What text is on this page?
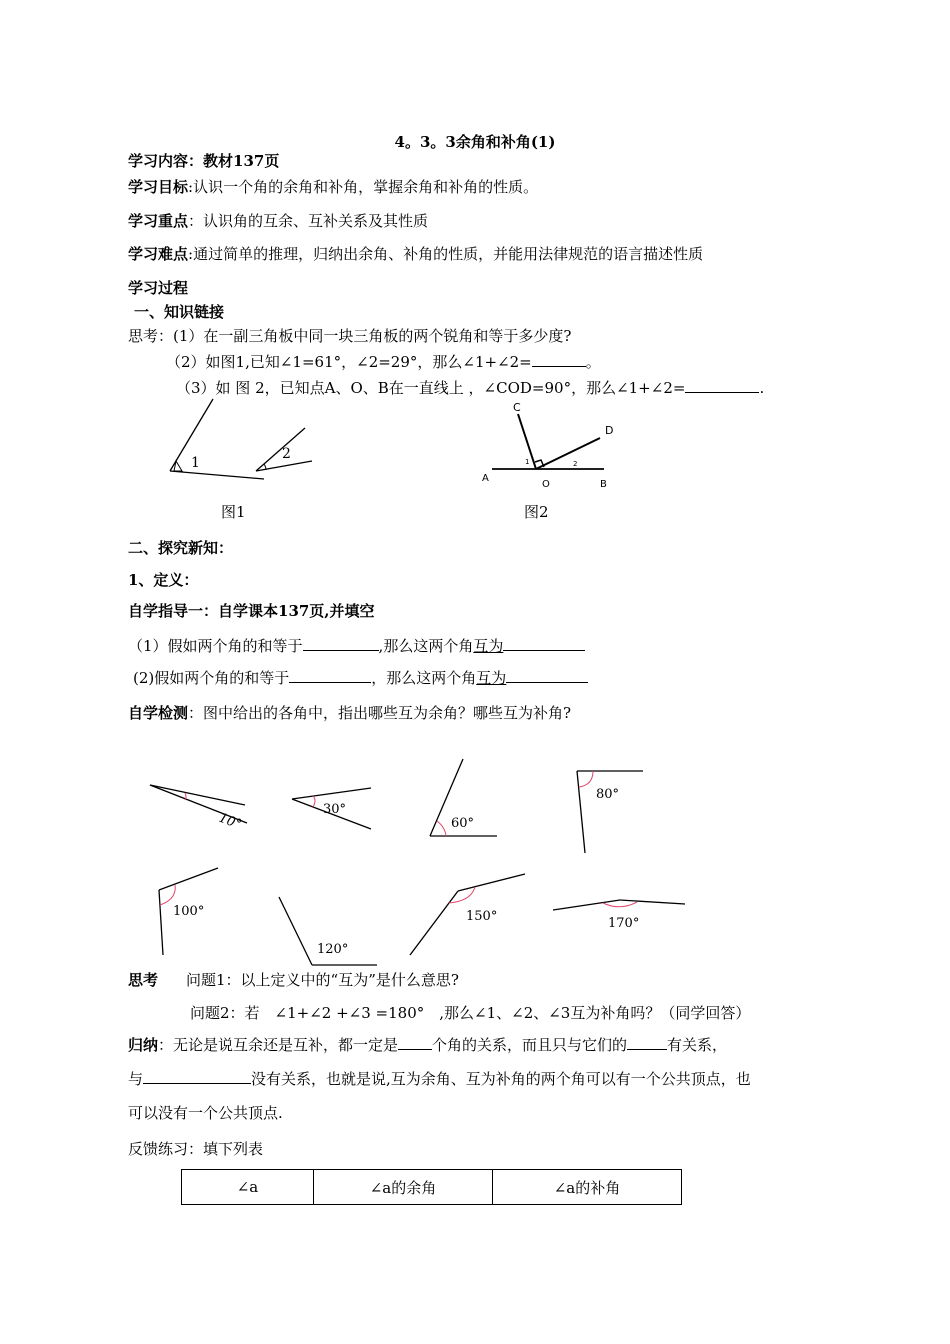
4。3。3余角和补角(1)
学习内容：教材137页
学习目标:认识一个角的余角和补角，掌握余角和补角的性质。
学习重点：认识角的互余、互补关系及其性质
学习难点:通过简单的推理，归纳出余角、补角的性质，并能用法律规范的语言描述性质
学习过程
一、知识链接
思考：(1）在一副三角板中同一块三角板的两个锐角和等于多少度?
（2）如图1,已知∠1=61°，∠2=29°，那么∠1+∠2=	。
（3）如 图 2，已知点A、O、B在一直线上 ，∠COD=90°，那么∠1+∠2=	.
1
2
图1
C
D
A
O	B
1	2
图2
二、探究新知：
1、定义：
自学指导一：自学课本137页,并填空
（1）假如两个角的和等于	,那么这两个角互为
(2)假如两个角的和等于	，那么这两个角互为
自学检测：图中给出的各角中，指出哪些互为余角？哪些互为补角?
10°
30°
60°
80°
100°
120°
150°	170°
思考 问题1：以上定义中的“互为”是什么意思?
问题2：若　∠1+∠2 +∠3 =180°　,那么∠1、∠2、∠3互为补角吗？（同学回答）
归纳：无论是说互余还是互补，都一定是 个角的关系，而且只与它们的	有关系，
与	没有关系，也就是说,互为余角、互为补角的两个角可以有一个公共顶点，也
可以没有一个公共顶点.
反馈练习：填下列表
∠a	∠a的余角	∠a的补角
